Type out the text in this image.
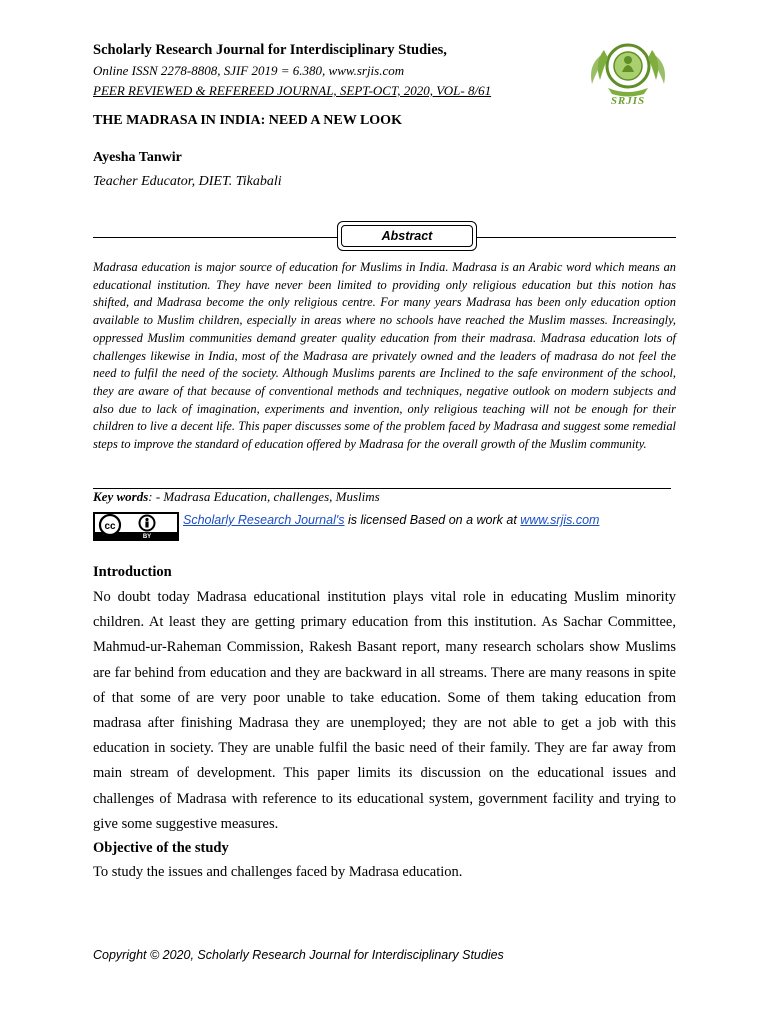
Scholarly Research Journal for Interdisciplinary Studies,
Online ISSN 2278-8808, SJIF 2019 = 6.380, www.srjis.com
PEER REVIEWED & REFEREED JOURNAL, SEPT-OCT, 2020, VOL- 8/61
SRJIS
THE MADRASA IN INDIA: NEED A NEW LOOK
Ayesha Tanwir
Teacher Educator, DIET. Tikabali
Abstract

Madrasa education is major source of education for Muslims in India. Madrasa is an Arabic word which means an educational institution. They have never been limited to providing only religious education but this notion has shifted, and Madrasa become the only religious centre. For many years Madrasa has been only education option available to Muslim children, especially in areas where no schools have reached the Muslim masses. Increasingly, oppressed Muslim communities demand greater quality education from their madrasa. Madrasa education lots of challenges likewise in India, most of the Madrasa are privately owned and the leaders of madrasa do not feel the need to fulfil the need of the society. Although Muslims parents are Inclined to the safe environment of the school, they are aware of that because of conventional methods and techniques, negative outlook on modern subjects and also due to lack of imagination, experiments and invention, only religious teaching will not be enough for their children to live a decent life. This paper discusses some of the problem faced by Madrasa and suggest some remedial steps to improve the standard of education offered by Madrasa for the overall growth of the Muslim community.

Key words: - Madrasa Education, challenges, Muslims
cc
BY
Scholarly Research Journal's is licensed Based on a work at www.srjis.com
Introduction

No doubt today Madrasa educational institution plays vital role in educating Muslim minority children. At least they are getting primary education from this institution. As Sachar Committee, Mahmud-ur-Raheman Commission, Rakesh Basant report, many research scholars show Muslims are far behind from education and they are backward in all streams. There are many reasons in spite of that some of are very poor unable to take education. Some of them taking education from madrasa after finishing Madrasa they are unemployed; they are not able to get a job with this education in society. They are unable fulfil the basic need of their family. They are far away from main stream of development. This paper limits its discussion on the educational issues and challenges of Madrasa with reference to its educational system, government facility and trying to give some suggestive measures.

Objective of the study

To study the issues and challenges faced by Madrasa education.

Copyright © 2020, Scholarly Research Journal for Interdisciplinary Studies
